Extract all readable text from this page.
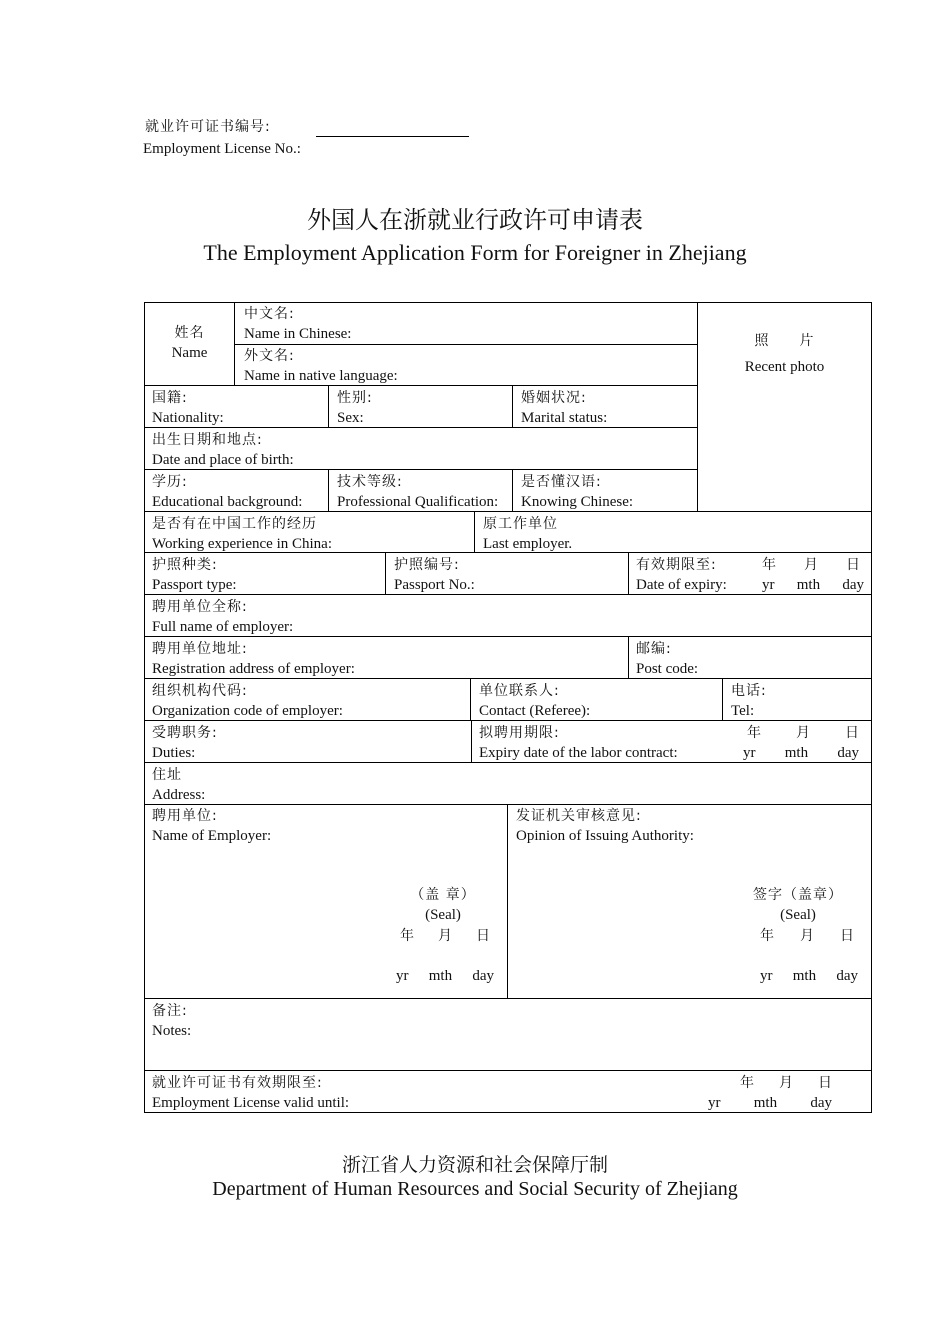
就业许可证书编号:
Employment License No.:
外国人在浙就业行政许可申请表
The Employment Application Form for Foreigner in Zhejiang
姓名
Name
中文名:
Name in Chinese:
外文名:
Name in native language:
照　　片
Recent photo
国籍:
Nationality:
性别:
Sex:
婚姻状况:
Marital status:
出生日期和地点:
Date and place of birth:
学历:
Educational background:
技术等级:
Professional Qualification:
是否懂汉语:
Knowing Chinese:
是否有在中国工作的经历
Working experience in China:
原工作单位
Last employer.
护照种类:
Passport type:
护照编号:
Passport No.:
有效期限至:
Date of expiry:
年 月 日
yr mth day
聘用单位全称:
Full name of employer:
聘用单位地址:
Registration address of employer:
邮编:
Post code:
组织机构代码:
Organization code of employer:
单位联系人:
Contact (Referee):
电话:
Tel:
受聘职务:
Duties:
拟聘用期限:
Expiry date of the labor contract:
年	月	日
yr mth day
住址
Address:
聘用单位:
Name of Employer:
（盖 章）
(Seal)
年 月 日
yr mth day
发证机关审核意见:
Opinion of Issuing Authority:
签字（盖章）
(Seal)
年 月 日
yr mth day
备注:
Notes:
就业许可证书有效期限至:
Employment License valid until:
年 月 日
yr mth day
浙江省人力资源和社会保障厅制
Department of Human Resources and Social Security of Zhejiang
